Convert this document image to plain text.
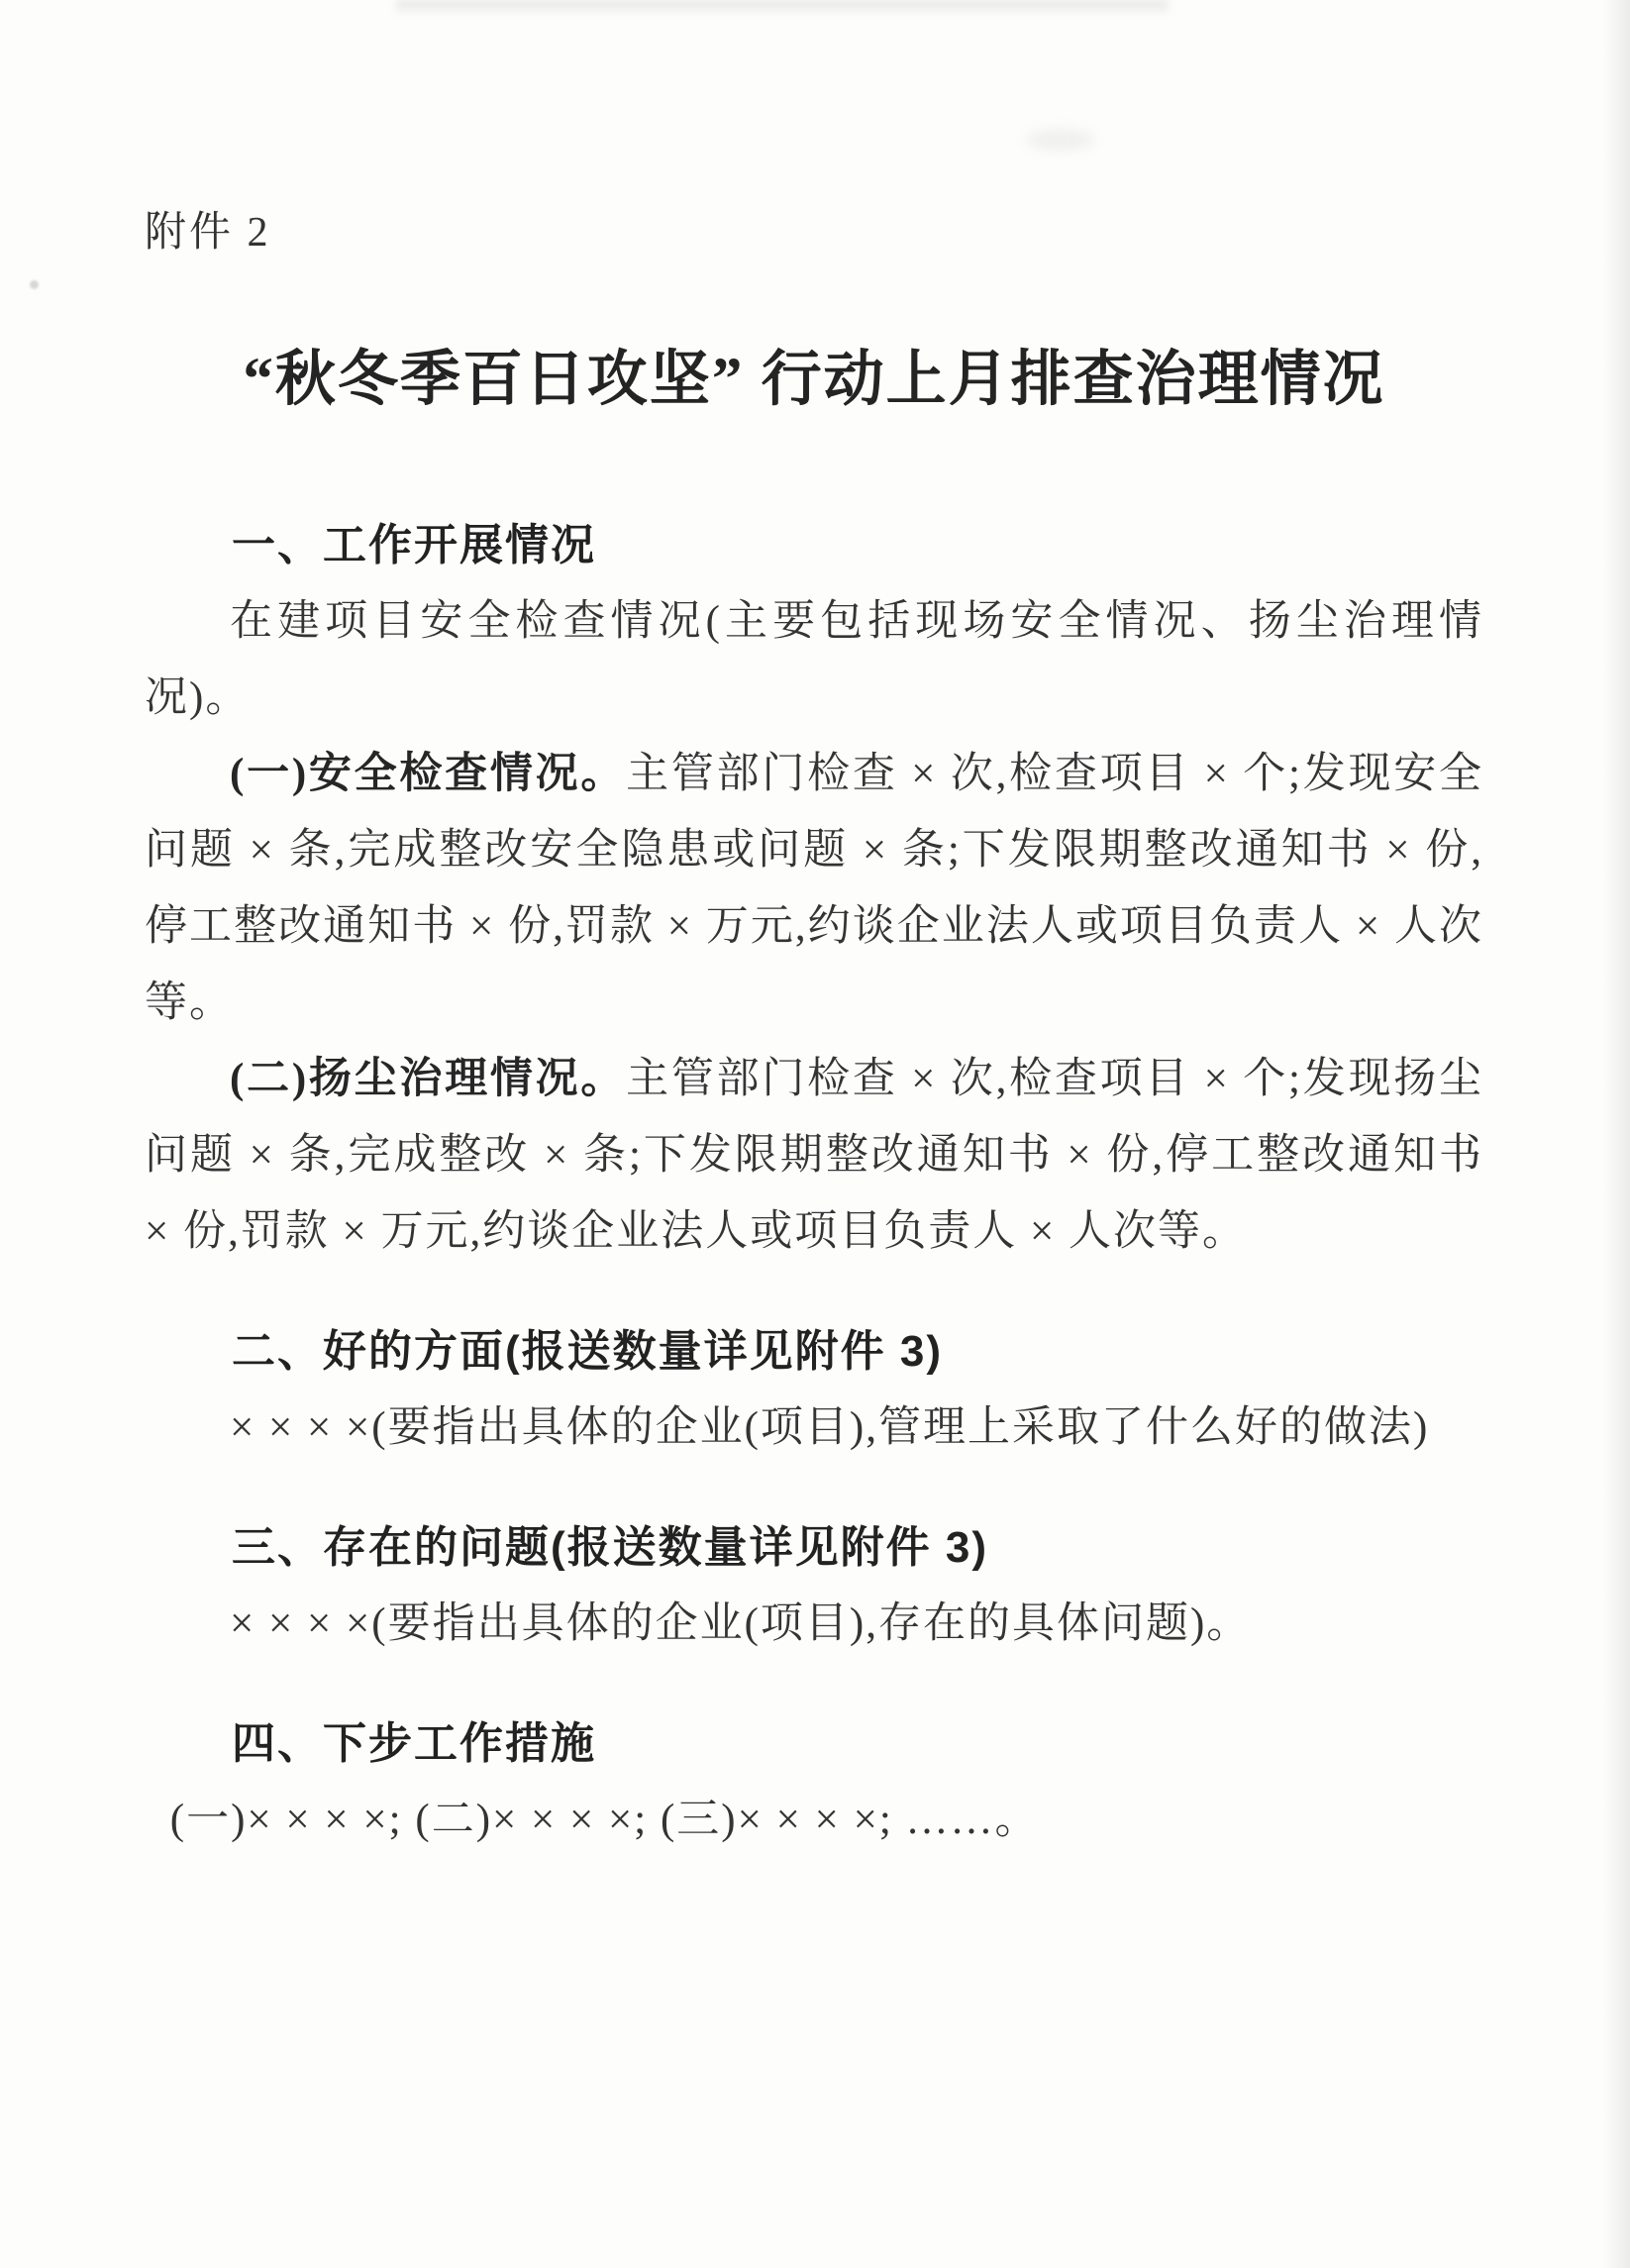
附件 2
“秋冬季百日攻坚” 行动上月排查治理情况
一、工作开展情况

在建项目安全检查情况(主要包括现场安全情况、扬尘治理情况)。

(一)安全检查情况。主管部门检查 × 次,检查项目 × 个;发现安全问题 × 条,完成整改安全隐患或问题 × 条;下发限期整改通知书 × 份,停工整改通知书 × 份,罚款 × 万元,约谈企业法人或项目负责人 × 人次等。

(二)扬尘治理情况。主管部门检查 × 次,检查项目 × 个;发现扬尘问题 × 条,完成整改 × 条;下发限期整改通知书 × 份,停工整改通知书 × 份,罚款 × 万元,约谈企业法人或项目负责人 × 人次等。

二、好的方面(报送数量详见附件 3)

× × × ×(要指出具体的企业(项目),管理上采取了什么好的做法)

三、存在的问题(报送数量详见附件 3)

× × × ×(要指出具体的企业(项目),存在的具体问题)。

四、下步工作措施

(一)× × × ×; (二)× × × ×; (三)× × × ×; ……。
